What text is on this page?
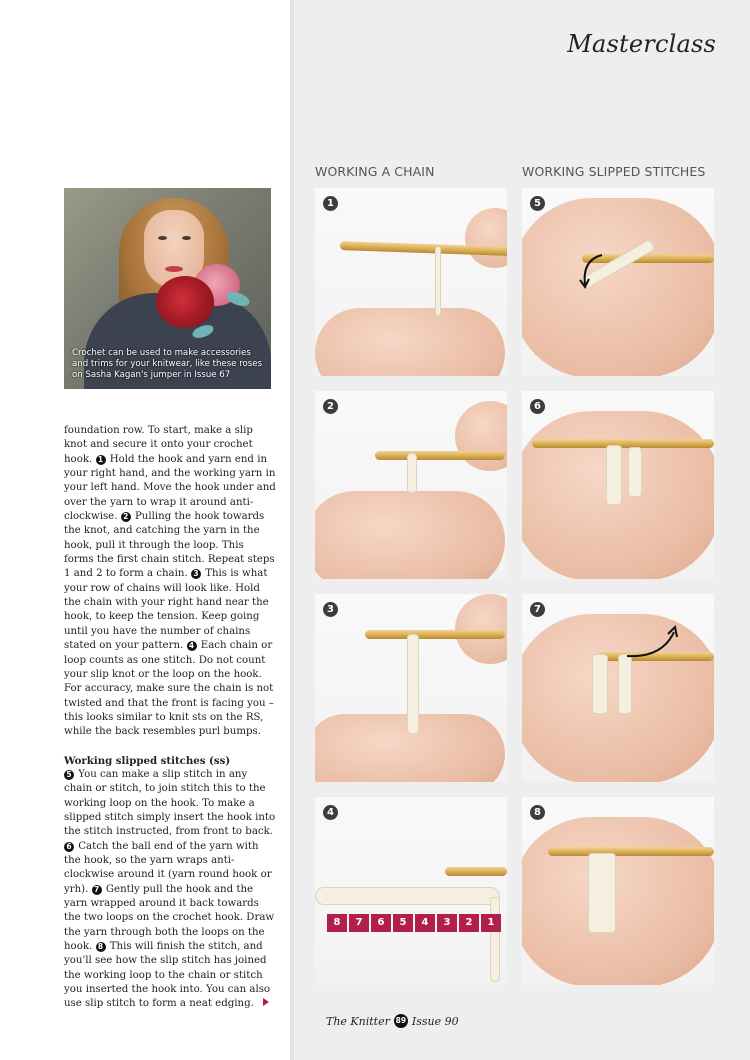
Masterclass
Crochet can be used to make accessories and trims for your knitwear, like these roses on Sasha Kagan's jumper in Issue 67

foundation row. To start, make a slip knot and secure it onto your crochet hook. 1 Hold the hook and yarn end in your right hand, and the working yarn in your left hand. Move the hook under and over the yarn to wrap it around anti-clockwise. 2 Pulling the hook towards the knot, and catching the yarn in the hook, pull it through the loop. This forms the first chain stitch. Repeat steps 1 and 2 to form a chain. 3 This is what your row of chains will look like. Hold the chain with your right hand near the hook, to keep the tension. Keep going until you have the number of chains stated on your pattern. 4 Each chain or loop counts as one stitch. Do not count your slip knot or the loop on the hook. For accuracy, make sure the chain is not twisted and that the front is facing you – this looks similar to knit sts on the RS, while the back resembles purl bumps.

Working slipped stitches (ss)

5 You can make a slip stitch in any chain or stitch, to join stitch this to the working loop on the hook. To make a slipped stitch simply insert the hook into the stitch instructed, from front to back. 6 Catch the ball end of the yarn with the hook, so the yarn wraps anti-clockwise around it (yarn round hook or yrh). 7 Gently pull the hook and the yarn wrapped around it back towards the two loops on the crochet hook. Draw the yarn through both the loops on the hook. 8 This will finish the stitch, and you'll see how the slip stitch has joined the working loop to the chain or stitch you inserted the hook into. You can also use slip stitch to form a neat edging.

WORKING A CHAIN	WORKING SLIPPED STITCHES
1
2
3
8	7	6	5	4	3	2	1
4
5
6
7
8
The Knitter 89 Issue 90
